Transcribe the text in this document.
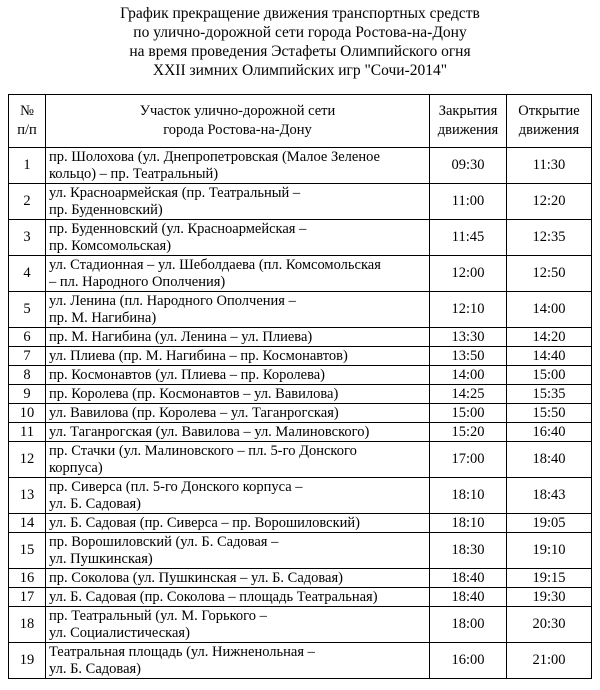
График прекращение движения транспортных средств
по улично-дорожной сети города Ростова-на-Дону
на время проведения Эстафеты Олимпийского огня
XXII зимних Олимпийских игр "Сочи-2014"
№
п/п	Участок улично-дорожной сети
города Ростова-на-Дону	Закрытия движения	Открытие движения
1	пр. Шолохова (ул. Днепропетровская (Малое Зеленое
кольцо) – пр. Театральный)	09:30	11:30
2	ул. Красноармейская (пр. Театральный –
пр. Буденновский)	11:00	12:20
3	пр. Буденновский (ул. Красноармейская –
пр. Комсомольская)	11:45	12:35
4	ул. Стадионная – ул. Шеболдаева (пл. Комсомольская
– пл. Народного Ополчения)	12:00	12:50
5	ул. Ленина (пл. Народного Ополчения –
пр. М. Нагибина)	12:10	14:00
6	пр. М. Нагибина (ул. Ленина – ул. Плиева)	13:30	14:20
7	ул. Плиева (пр. М. Нагибина – пр. Космонавтов)	13:50	14:40
8	пр. Космонавтов (ул. Плиева – пр. Королева)	14:00	15:00
9	пр. Королева (пр. Космонавтов – ул. Вавилова)	14:25	15:35
10	ул. Вавилова (пр. Королева – ул. Таганрогская)	15:00	15:50
11	ул. Таганрогская (ул. Вавилова – ул. Малиновского)	15:20	16:40
12	пр. Стачки (ул. Малиновского – пл. 5-го Донского
корпуса)	17:00	18:40
13	пр. Сиверса (пл. 5-го Донского корпуса –
ул. Б. Садовая)	18:10	18:43
14	ул. Б. Садовая (пр. Сиверса – пр. Ворошиловский)	18:10	19:05
15	пр. Ворошиловский (ул. Б. Садовая –
ул. Пушкинская)	18:30	19:10
16	пр. Соколова (ул. Пушкинская – ул. Б. Садовая)	18:40	19:15
17	ул. Б. Садовая (пр. Соколова – площадь Театральная)	18:40	19:30
18	пр. Театральный (ул. М. Горького –
ул. Социалистическая)	18:00	20:30
19	Театральная площадь (ул. Нижненольная –
ул. Б. Садовая)	16:00	21:00
